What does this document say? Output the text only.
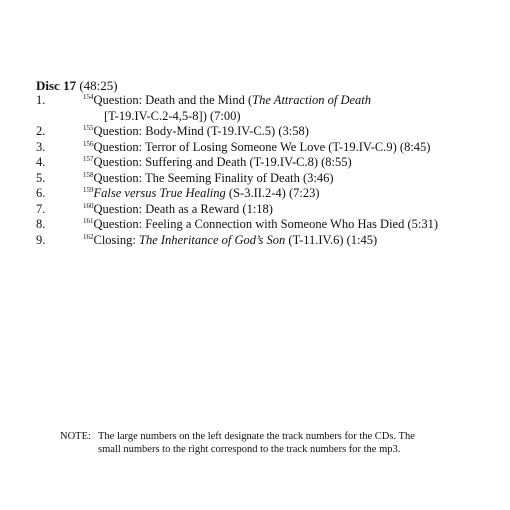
Disc 17 (48:25)
1.	$^{154}$Question: Death and the Mind (The Attraction of Death
[T-19.IV-C.2-4,5-8]) (7:00)
2.	$^{155}$Question: Body-Mind (T-19.IV-C.5) (3:58)
3.	$^{156}$Question: Terror of Losing Someone We Love (T-19.IV-C.9) (8:45)
4.	$^{157}$Question: Suffering and Death (T-19.IV-C.8) (8:55)
5.	$^{158}$Question: The Seeming Finality of Death (3:46)
6.	$^{159}$False versus True Healing (S-3.II.2-4) (7:23)
7.	$^{160}$Question: Death as a Reward (1:18)
8.	$^{161}$Question: Feeling a Connection with Someone Who Has Died (5:31)
9.	$^{162}$Closing: The Inheritance of God’s Son (T-11.IV.6) (1:45)
NOTE: The large numbers on the left designate the track numbers for the CDs. The
small numbers to the right correspond to the track numbers for the mp3.
